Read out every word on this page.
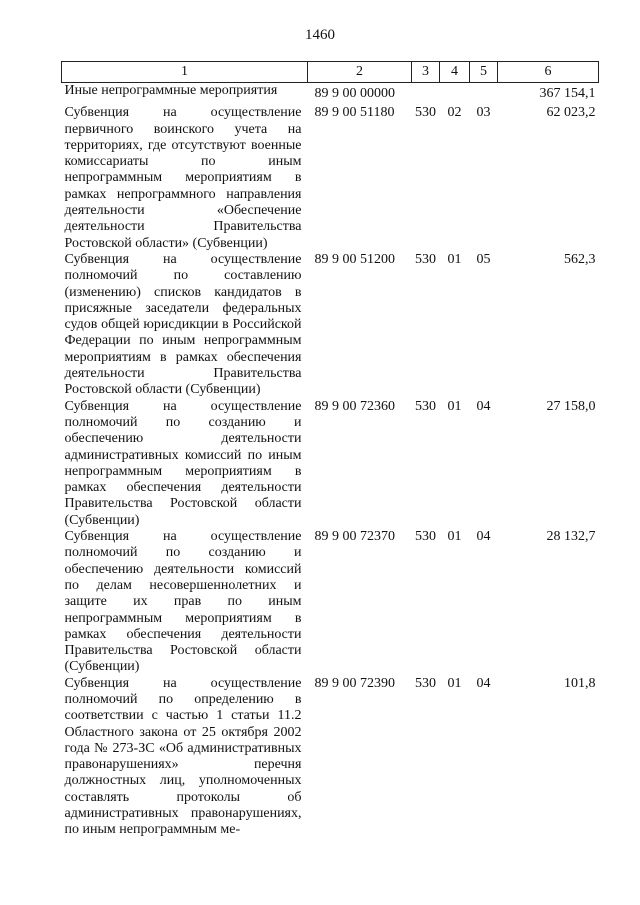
1460
1	2	3	4	5	6
Иные непрограммные мероприятия	89 9 00 00000				367 154,1
Субвенция на осуществление первичного воинского учета на территориях, где отсутствуют военные комиссариаты по иным непрограммным мероприятиям в рамках непрограммного направления деятельности «Обеспечение деятельности Правительства Ростовской области» (Субвенции)	89 9 00 51180	530	02	03	62 023,2
Субвенция на осуществление полномочий по составлению (изменению) списков кандидатов в присяжные заседатели федеральных судов общей юрисдикции в Российской Федерации по иным непрограммным мероприятиям в рамках обеспечения деятельности Правительства Ростовской области (Субвенции)	89 9 00 51200	530	01	05	562,3
Субвенция на осуществление полномочий по созданию и обеспечению деятельности административных комиссий по иным непрограммным мероприятиям в рамках обеспечения деятельности Правительства Ростовской области (Субвенции)	89 9 00 72360	530	01	04	27 158,0
Субвенция на осуществление полномочий по созданию и обеспечению деятельности комиссий по делам несовершеннолетних и защите их прав по иным непрограммным мероприятиям в рамках обеспечения деятельности Правительства Ростовской области (Субвенции)	89 9 00 72370	530	01	04	28 132,7
Субвенция на осуществление полномочий по определению в соответствии с частью 1 статьи 11.2 Областного закона от 25 октября 2002 года № 273-ЗС «Об административных правонарушениях» перечня должностных лиц, уполномоченных составлять протоколы об административных правонарушениях, по иным непрограммным ме-	89 9 00 72390	530	01	04	101,8
